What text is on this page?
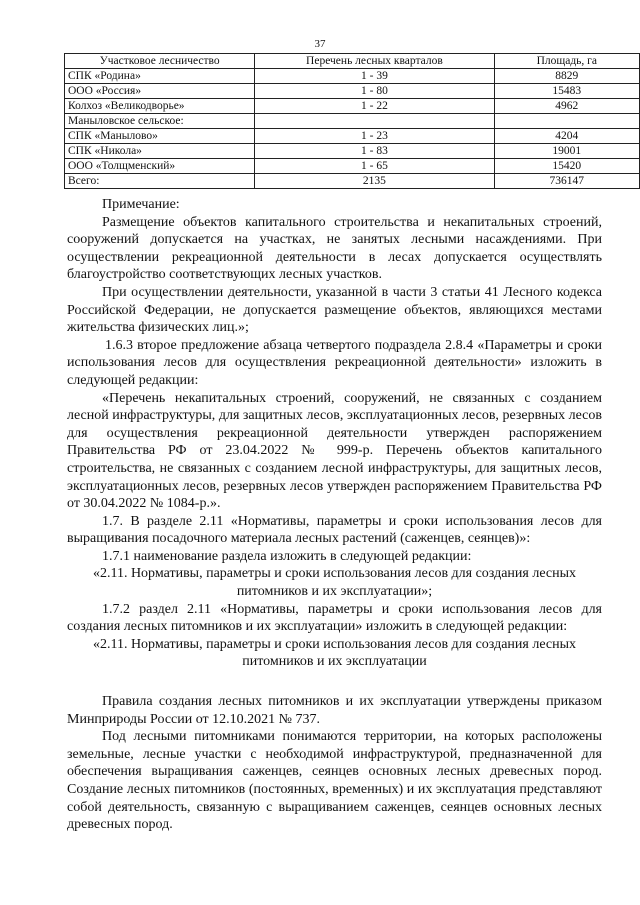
37
Участковое лесничество	Перечень лесных кварталов	Площадь, га
СПК «Родина»	1 - 39	8829
ООО «Россия»	1 - 80	15483
Колхоз «Великодворье»	1 - 22	4962
Маныловское сельское:		
СПК «Манылово»	1 - 23	4204
СПК «Никола»	1 - 83	19001
ООО «Толщменский»	1 - 65	15420
Всего:	2135	736147

Примечание:

Размещение объектов капитального строительства и некапитальных строений, сооружений допускается на участках, не занятых лесными насаждениями. При осуществлении рекреационной деятельности в лесах допускается осуществлять благоустройство соответствующих лесных участков.

При осуществлении деятельности, указанной в части 3 статьи 41 Лесного кодекса Российской Федерации, не допускается размещение объектов, являющихся местами жительства физических лиц.»;

1.6.3 второе предложение абзаца четвертого подраздела 2.8.4 «Параметры и сроки использования лесов для осуществления рекреационной деятельности» изложить в следующей редакции:

«Перечень некапитальных строений, сооружений, не связанных с созданием лесной инфраструктуры, для защитных лесов, эксплуатационных лесов, резервных лесов для осуществления рекреационной деятельности утвержден распоряжением Правительства РФ от 23.04.2022 № 999-р. Перечень объектов капитального строительства, не связанных с созданием лесной инфраструктуры, для защитных лесов, эксплуатационных лесов, резервных лесов утвержден распоряжением Правительства РФ от 30.04.2022 № 1084-р.».

1.7. В разделе 2.11 «Нормативы, параметры и сроки использования лесов для выращивания посадочного материала лесных растений (саженцев, сеянцев)»:

1.7.1 наименование раздела изложить в следующей редакции:

«2.11. Нормативы, параметры и сроки использования лесов для создания лесных

питомников и их эксплуатации»;

1.7.2 раздел 2.11 «Нормативы, параметры и сроки использования лесов для создания лесных питомников и их эксплуатации» изложить в следующей редакции:

«2.11. Нормативы, параметры и сроки использования лесов для создания лесных

питомников и их эксплуатации

Правила создания лесных питомников и их эксплуатации утверждены приказом Минприроды России от 12.10.2021 № 737.

Под лесными питомниками понимаются территории, на которых расположены земельные, лесные участки с необходимой инфраструктурой, предназначенной для обеспечения выращивания саженцев, сеянцев основных лесных древесных пород. Создание лесных питомников (постоянных, временных) и их эксплуатация представляют собой деятельность, связанную с выращиванием саженцев, сеянцев основных лесных древесных пород.
